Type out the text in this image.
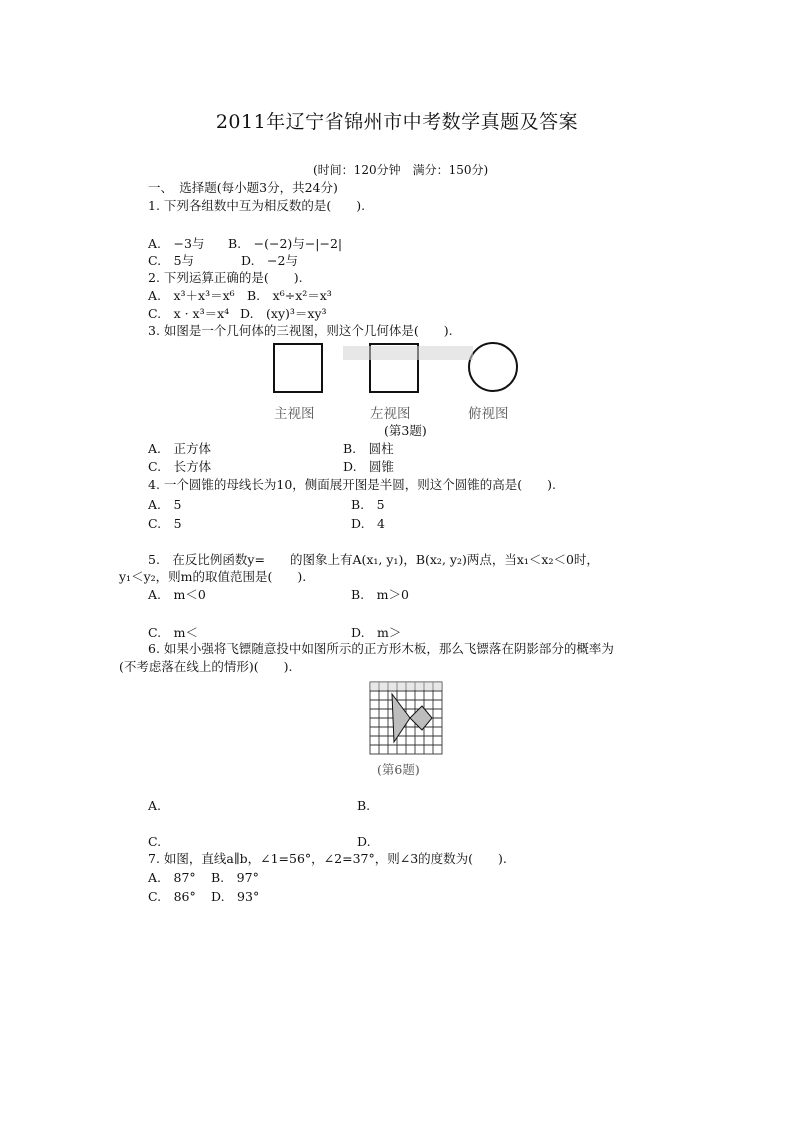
2011年辽宁省锦州市中考数学真题及答案
(时间：120分钟　满分：150分)
一、　选择题(每小题3分，共24分)
1. 下列各组数中互为相反数的是(　　).
A.　−3与 B.　−(−2)与−|−2|
C.　5与	D.　−2与
2. 下列运算正确的是(　　).
A.　x³＋x³＝x⁶ B.　x⁶÷x²＝x³
C.　x · x³＝x⁴ D.　(xy)³＝xy³
3. 如图是一个几何体的三视图，则这个几何体是(　　).
主视图	左视图	俯视图
(第3题)
A.　正方体	B.　圆柱
C.　长方体	D.　圆锥
4. 一个圆锥的母线长为10，侧面展开图是半圆，则这个圆锥的高是(　　).
A.　5	B.　5
C.　5	D.　4
5.　在反比例函数y=　　的图象上有A(x₁, y₁)，B(x₂, y₂)两点，当x₁＜x₂＜0时，
y₁＜y₂，则m的取值范围是(　　).
A.　m＜0	B.　m＞0
C.　m＜	D.　m＞
6. 如果小强将飞镖随意投中如图所示的正方形木板，那么飞镖落在阴影部分的概率为
(不考虑落在线上的情形)(　　).
(第6题)
A.	B.
C.	D.
7. 如图，直线a∥b，∠1=56°，∠2=37°，则∠3的度数为(　　).
A.　87° B.　97°
C.　86° D.　93°
